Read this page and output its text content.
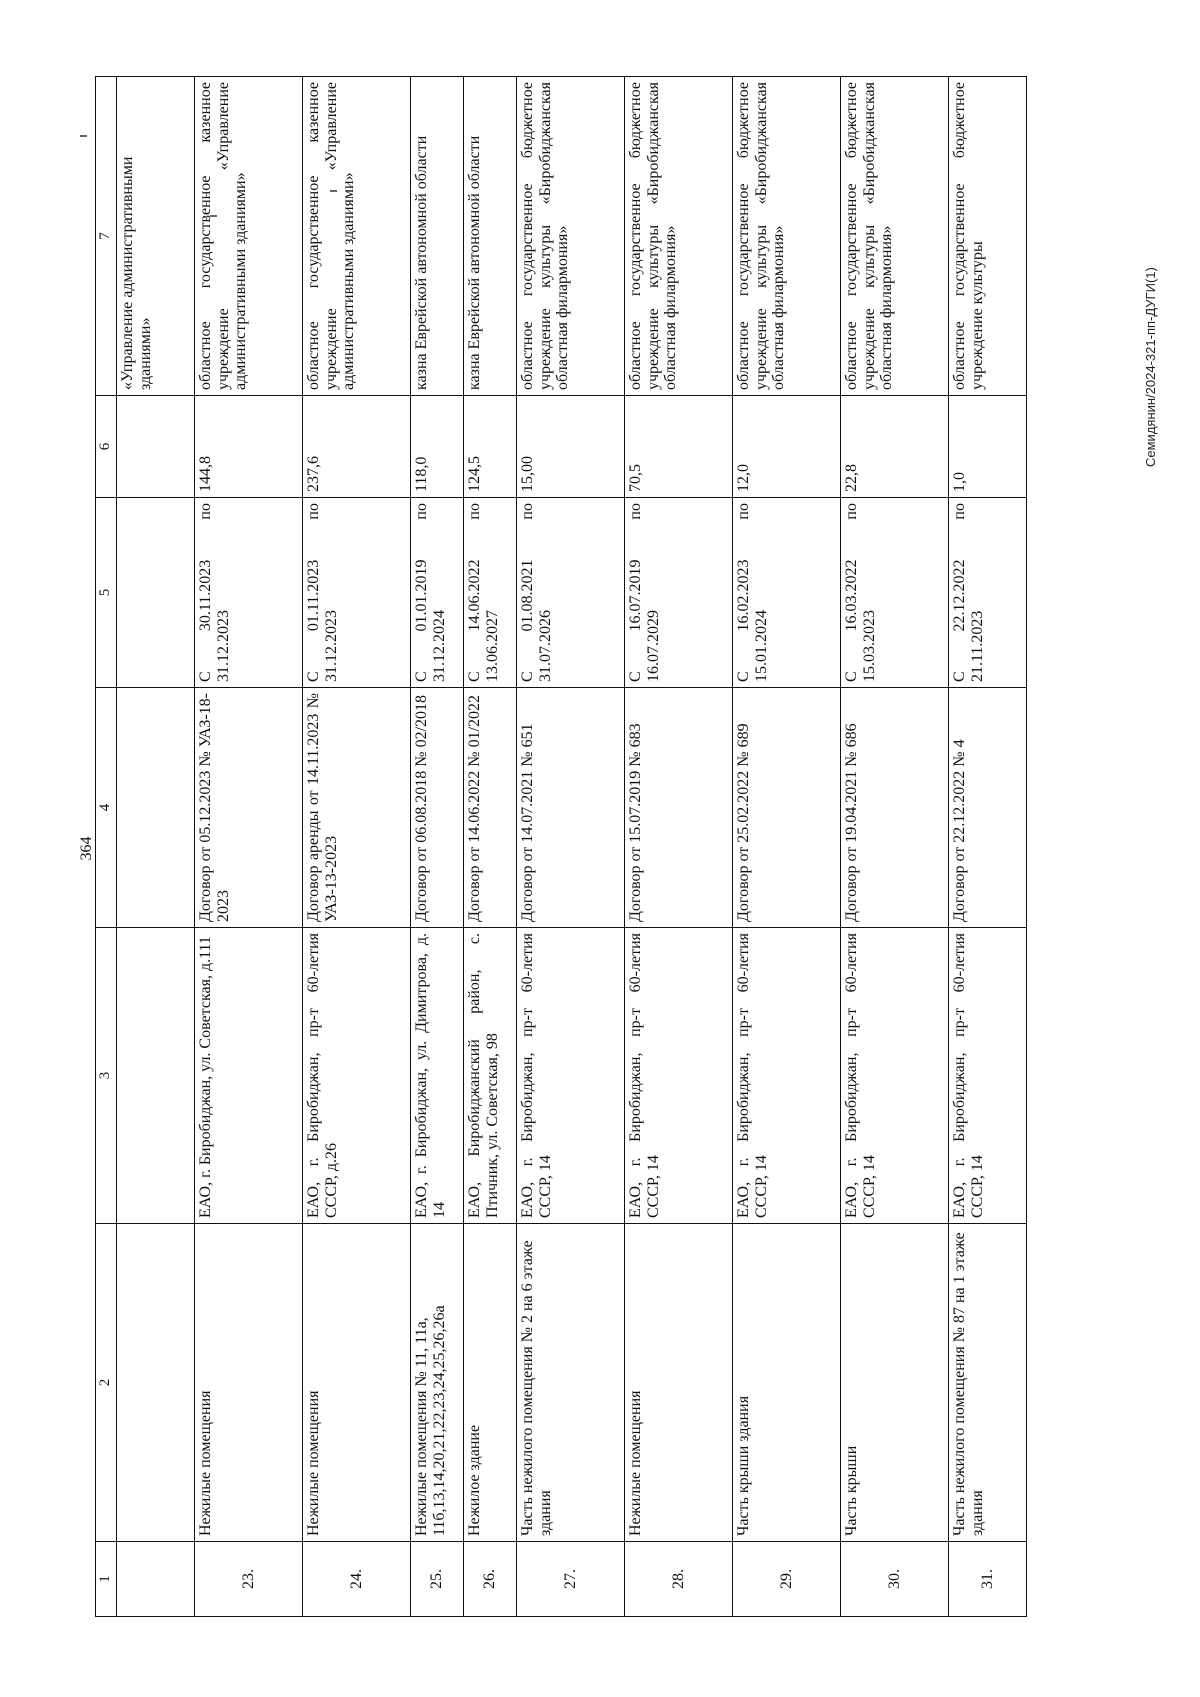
364
1	2	3	4	5	6	7
						«Управление административными зданиями»
23.	Нежилые помещения	ЕАО, г. Биробиджан, ул. Советская, д.111	Договор от 05.12.2023 № УАЗ-18-2023	С 30.11.2023 по 31.12.2023	144,8	областное государственное казенное учреждение «Управление административными зданиями»
24.	Нежилые помещения	ЕАО, г. Биробиджан, пр-т 60-летия СССР, д.26	Договор аренды от 14.11.2023 № УАЗ-13-2023	С 01.11.2023 по 31.12.2023	237,6	областное государственное казенное учреждение «Управление административными зданиями»
25.	Нежилые помещения № 11, 11а, 11б,13,14,20,21,22,23,24,25,26,26а	ЕАО, г. Биробиджан, ул. Димитрова, д. 14	Договор от 06.08.2018 № 02/2018	С 01.01.2019 по 31.12.2024	118,0	казна Еврейской автономной области
26.	Нежилое здание	ЕАО, Биробиджанский район, с. Птичник, ул. Советская, 98	Договор от 14.06.2022 № 01/2022	С 14.06.2022 по 13.06.2027	124,5	казна Еврейской автономной области
27.	Часть нежилого помещения № 2 на 6 этаже здания	ЕАО, г. Биробиджан, пр-т 60-летия СССР, 14	Договор от 14.07.2021 № 651	С 01.08.2021 по 31.07.2026	15,00	областное государственное бюджетное учреждение культуры «Биробиджанская областная филармония»
28.	Нежилые помещения	ЕАО, г. Биробиджан, пр-т 60-летия СССР, 14	Договор от 15.07.2019 № 683	С 16.07.2019 по 16.07.2029	70,5	областное государственное бюджетное учреждение культуры «Биробиджанская областная филармония»
29.	Часть крыши здания	ЕАО, г. Биробиджан, пр-т 60-летия СССР, 14	Договор от 25.02.2022 № 689	С 16.02.2023 по 15.01.2024	12,0	областное государственное бюджетное учреждение культуры «Биробиджанская областная филармония»
30.	Часть крыши	ЕАО, г. Биробиджан, пр-т 60-летия СССР, 14	Договор от 19.04.2021 № 686	С 16.03.2022 по 15.03.2023	22,8	областное государственное бюджетное учреждение культуры «Биробиджанская областная филармония»
31.	Часть нежилого помещения № 87 на 1 этаже здания	ЕАО, г. Биробиджан, пр-т 60-летия СССР, 14	Договор от 22.12.2022 № 4	С 22.12.2022 по 21.11.2023	1,0	областное государственное бюджетное учреждение культуры	Семидянин/2024-321-пп-ДУГИ(1)
